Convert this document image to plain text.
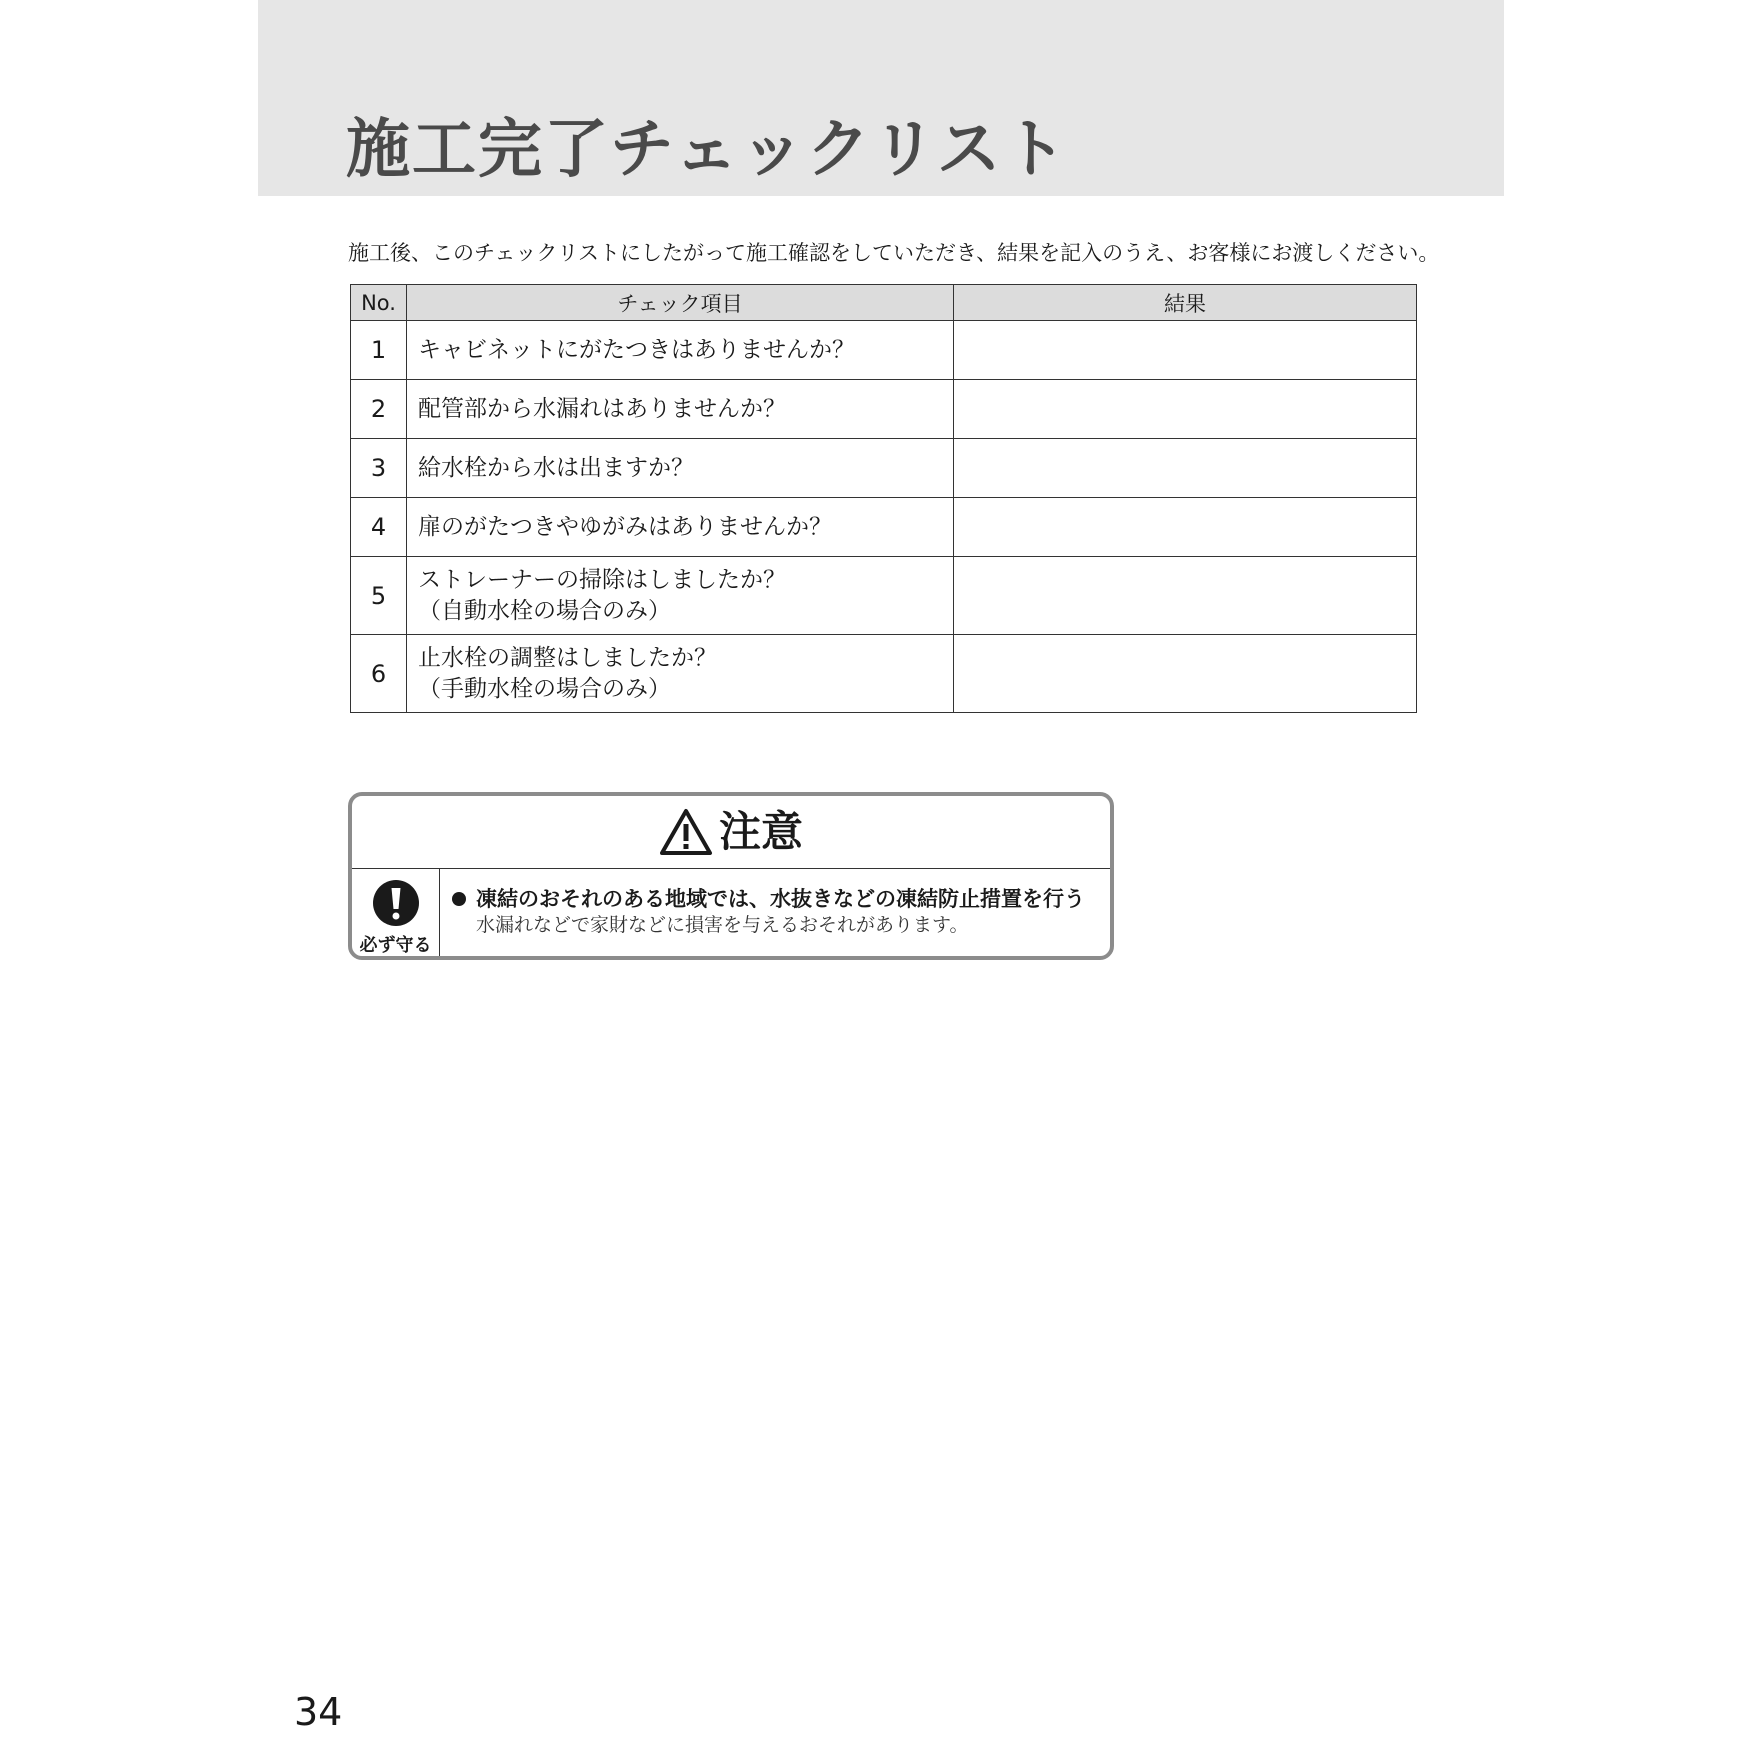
施工完了チェックリスト
施工後、このチェックリストにしたがって施工確認をしていただき、結果を記入のうえ、お客様にお渡しください。
No.	チェック項目	結果
1	キャビネットにがたつきはありませんか？	

2	配管部から水漏れはありませんか？	

3	給水栓から水は出ますか？	

4	扉のがたつきやゆがみはありませんか？	

5	ストレーナーの掃除はしましたか？
（自動水栓の場合のみ）	

6	止水栓の調整はしましたか？
（手動水栓の場合のみ）	

注意
必ず守る
凍結のおそれのある地域では、水抜きなどの凍結防止措置を行う
水漏れなどで家財などに損害を与えるおそれがあります。
34
